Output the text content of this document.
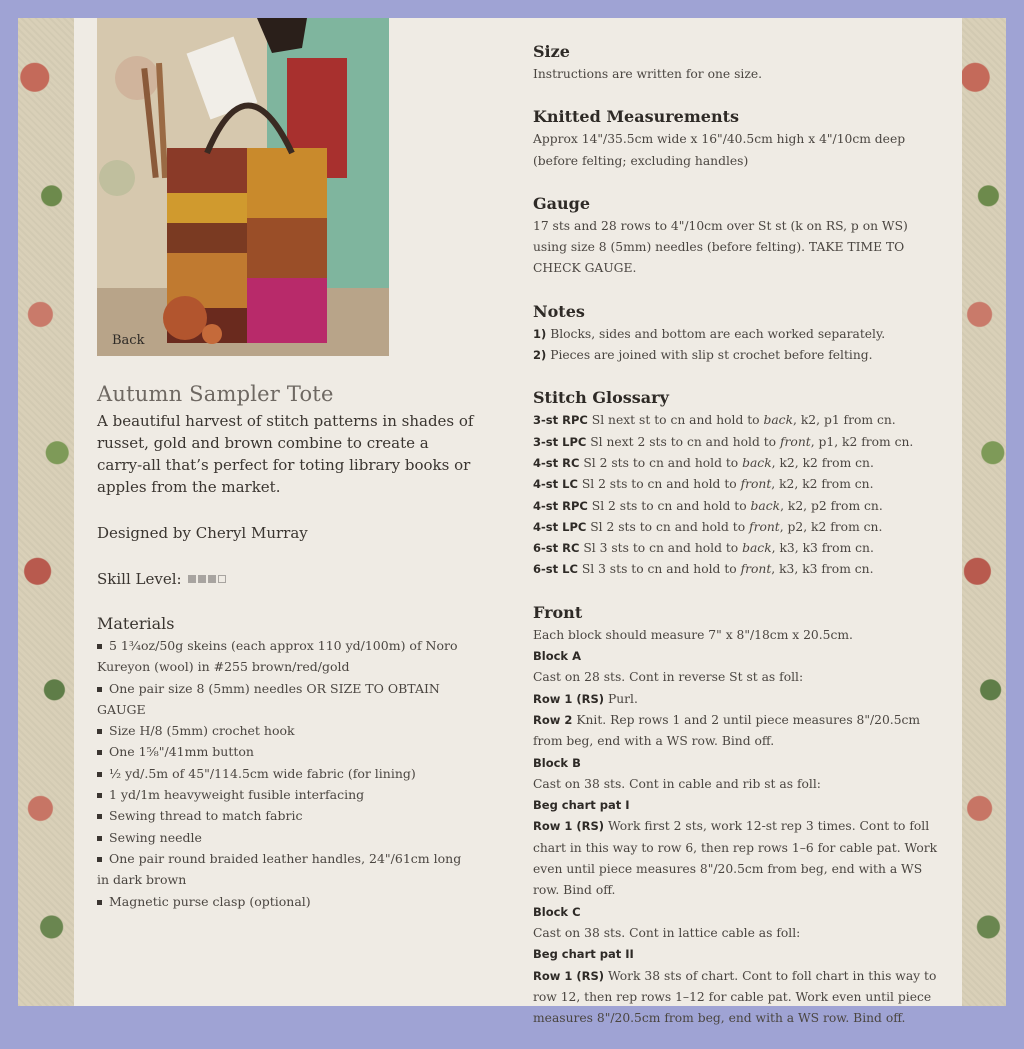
Back
Autumn Sampler Tote

A beautiful harvest of stitch patterns in shades of russet, gold and brown combine to create a carry-all that’s perfect for toting library books or apples from the market.

Designed by Cheryl Murray
Skill Level:
Materials
5 1¾oz/50g skeins (each approx 110 yd/100m) of Noro Kureyon (wool) in #255 brown/red/gold
One pair size 8 (5mm) needles OR SIZE TO OBTAIN GAUGE
Size H/8 (5mm) crochet hook
One 1⅝"/41mm button
½ yd/.5m of 45"/114.5cm wide fabric (for lining)
1 yd/1m heavyweight fusible interfacing
Sewing thread to match fabric
Sewing needle
One pair round braided leather handles, 24"/61cm long in dark brown
Magnetic purse clasp (optional)
Size

Instructions are written for one size.

Knitted Measurements

Approx 14"/35.5cm wide x 16"/40.5cm high x 4"/10cm deep (before felting; excluding handles)

Gauge

17 sts and 28 rows to 4"/10cm over St st (k on RS, p on WS) using size 8 (5mm) needles (before felting). TAKE TIME TO CHECK GAUGE.

Notes
1) Blocks, sides and bottom are each worked separately.
2) Pieces are joined with slip st crochet before felting.
Stitch Glossary
3-st RPC Sl next st to cn and hold to back, k2, p1 from cn.
3-st LPC Sl next 2 sts to cn and hold to front, p1, k2 from cn.
4-st RC Sl 2 sts to cn and hold to back, k2, k2 from cn.
4-st LC Sl 2 sts to cn and hold to front, k2, k2 from cn.
4-st RPC Sl 2 sts to cn and hold to back, k2, p2 from cn.
4-st LPC Sl 2 sts to cn and hold to front, p2, k2 from cn.
6-st RC Sl 3 sts to cn and hold to back, k3, k3 from cn.
6-st LC Sl 3 sts to cn and hold to front, k3, k3 from cn.
Front
Each block should measure 7" x 8"/18cm x 20.5cm.
Block A
Cast on 28 sts. Cont in reverse St st as foll:
Row 1 (RS) Purl.
Row 2 Knit. Rep rows 1 and 2 until piece measures 8"/20.5cm from beg, end with a WS row. Bind off.
Block B
Cast on 38 sts. Cont in cable and rib st as foll:
Beg chart pat I
Row 1 (RS) Work first 2 sts, work 12-st rep 3 times. Cont to foll chart in this way to row 6, then rep rows 1–6 for cable pat. Work even until piece measures 8"/20.5cm from beg, end with a WS row. Bind off.
Block C
Cast on 38 sts. Cont in lattice cable as foll:
Beg chart pat II
Row 1 (RS) Work 38 sts of chart. Cont to foll chart in this way to row 12, then rep rows 1–12 for cable pat. Work even until piece measures 8"/20.5cm from beg, end with a WS row. Bind off.
